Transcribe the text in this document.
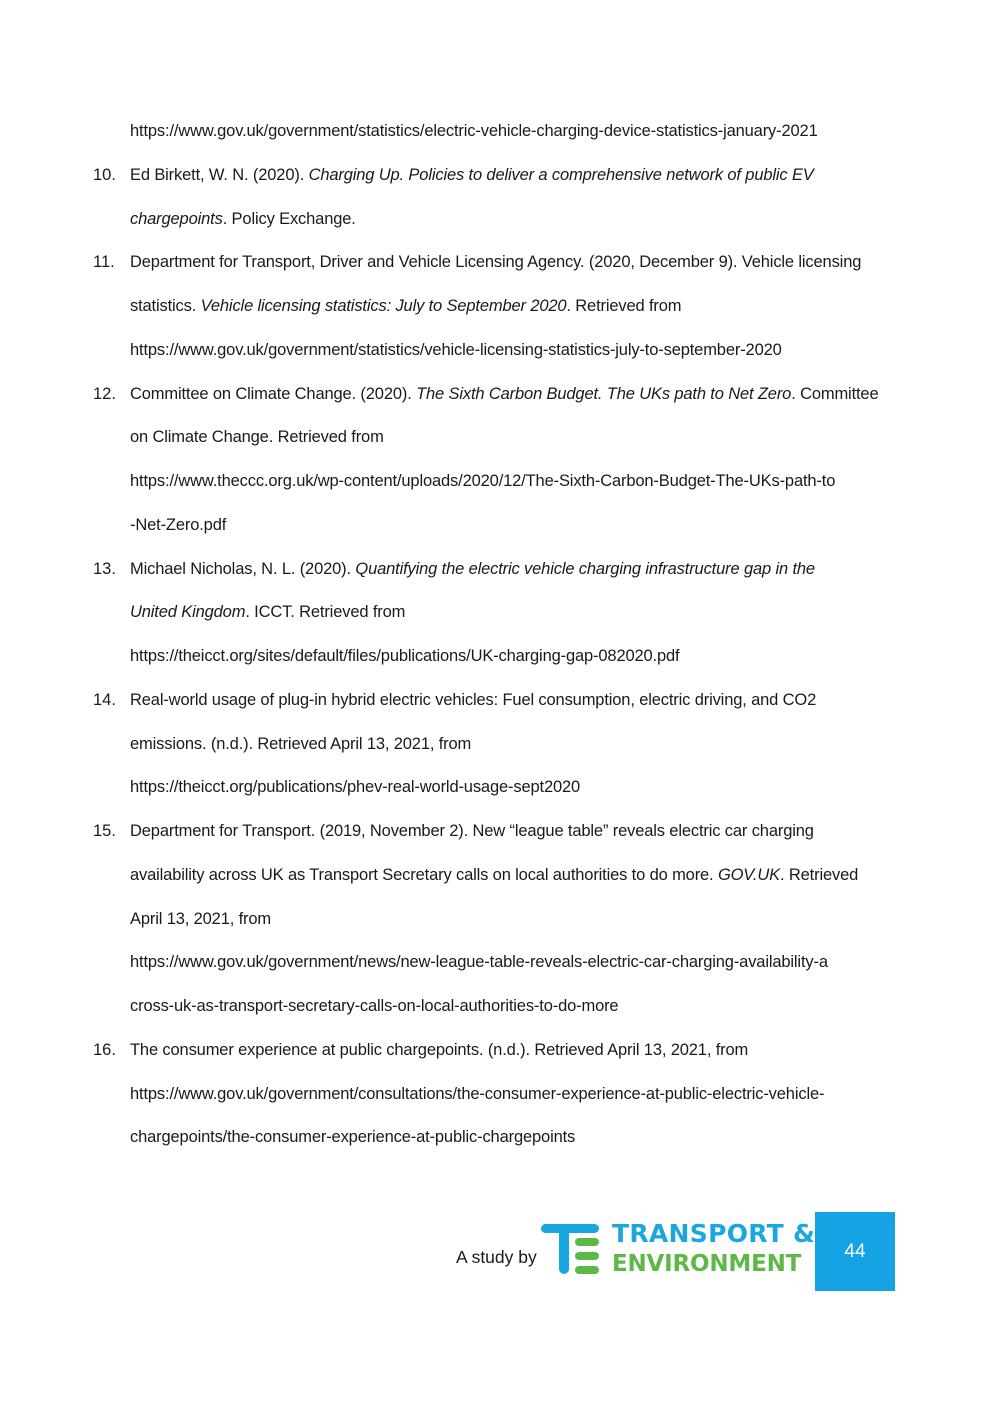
https://www.gov.uk/government/statistics/electric-vehicle-charging-device-statistics-january-2021
10. Ed Birkett, W. N. (2020). Charging Up. Policies to deliver a comprehensive network of public EV
chargepoints. Policy Exchange.
11. Department for Transport, Driver and Vehicle Licensing Agency. (2020, December 9). Vehicle licensing
statistics. Vehicle licensing statistics: July to September 2020. Retrieved from
https://www.gov.uk/government/statistics/vehicle-licensing-statistics-july-to-september-2020
12. Committee on Climate Change. (2020). The Sixth Carbon Budget. The UKs path to Net Zero. Committee
on Climate Change. Retrieved from
https://www.theccc.org.uk/wp-content/uploads/2020/12/The-Sixth-Carbon-Budget-The-UKs-path-to
-Net-Zero.pdf
13. Michael Nicholas, N. L. (2020). Quantifying the electric vehicle charging infrastructure gap in the
United Kingdom. ICCT. Retrieved from
https://theicct.org/sites/default/files/publications/UK-charging-gap-082020.pdf
14. Real-world usage of plug-in hybrid electric vehicles: Fuel consumption, electric driving, and CO2
emissions. (n.d.). Retrieved April 13, 2021, from
https://theicct.org/publications/phev-real-world-usage-sept2020
15. Department for Transport. (2019, November 2). New “league table” reveals electric car charging
availability across UK as Transport Secretary calls on local authorities to do more. GOV.UK. Retrieved
April 13, 2021, from
https://www.gov.uk/government/news/new-league-table-reveals-electric-car-charging-availability-a
cross-uk-as-transport-secretary-calls-on-local-authorities-to-do-more
16. The consumer experience at public chargepoints. (n.d.). Retrieved April 13, 2021, from
https://www.gov.uk/government/consultations/the-consumer-experience-at-public-electric-vehicle-
chargepoints/the-consumer-experience-at-public-chargepoints
A study by
TRANSPORT &
ENVIRONMENT	44
